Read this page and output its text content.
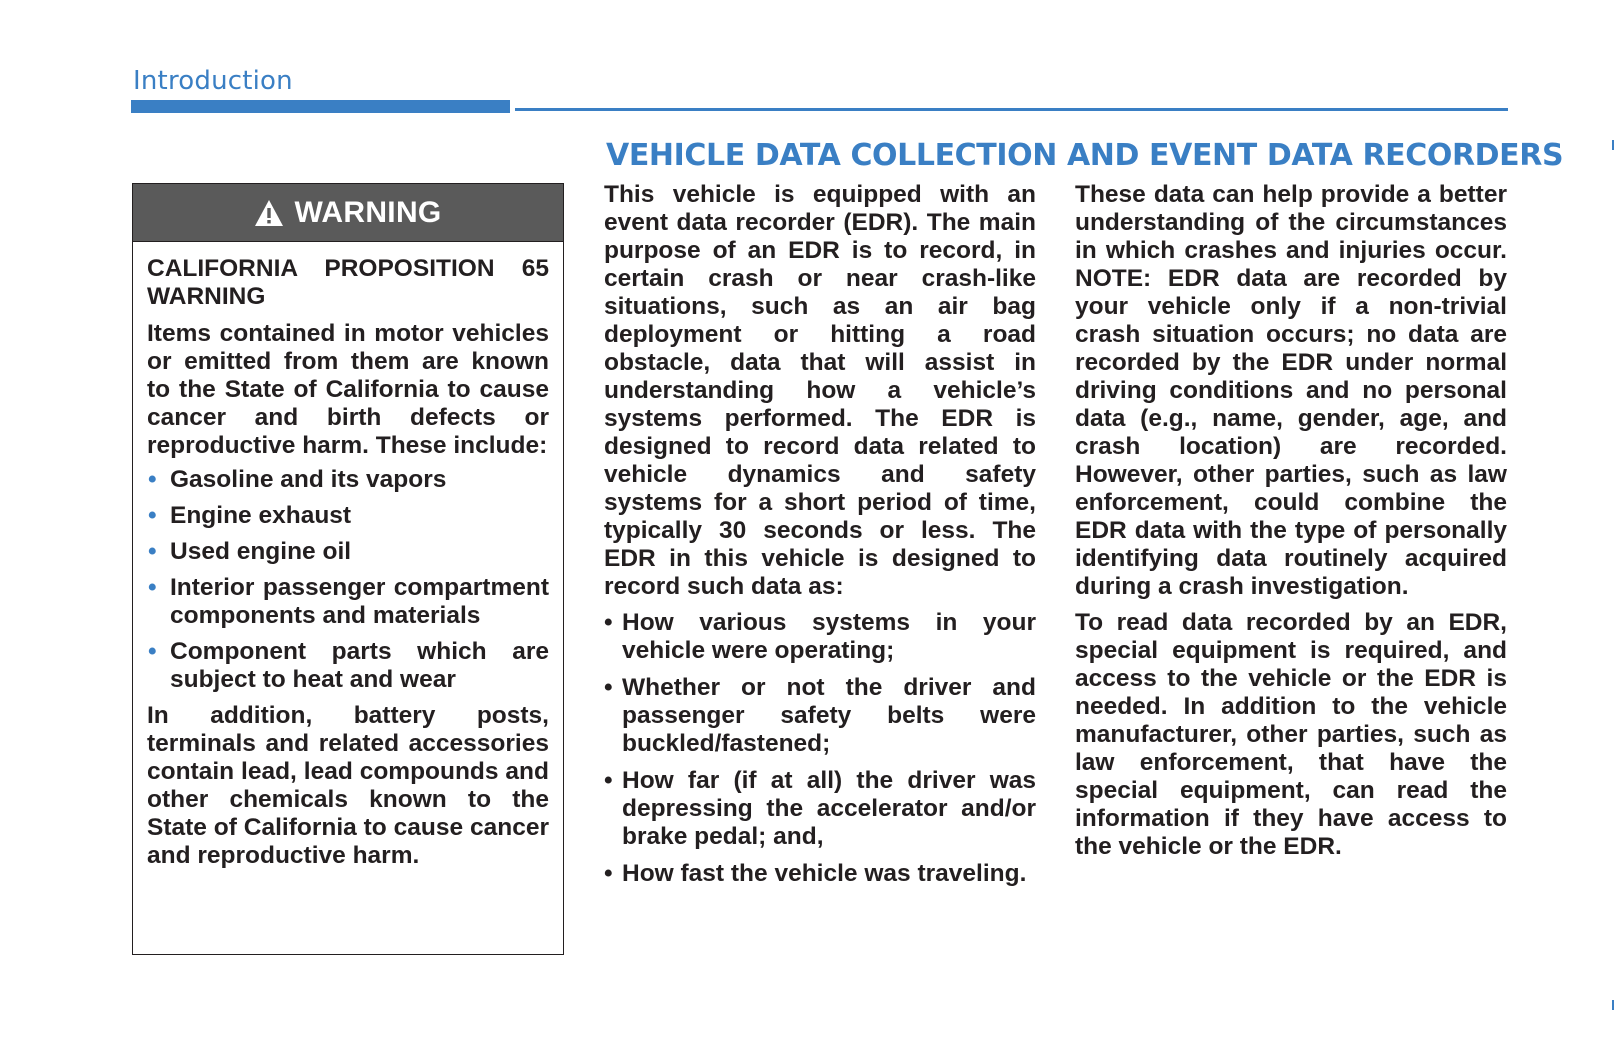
Introduction
VEHICLE DATA COLLECTION AND EVENT DATA RECORDERS
WARNING

CALIFORNIA PROPOSITION 65 WARNING

Items contained in motor vehicles or emitted from them are known to the State of California to cause cancer and birth defects or reproductive harm. These include:

• Gasoline and its vapors
• Engine exhaust
• Used engine oil
• Interior passenger compartment components and materials
• Component parts which are subject to heat and wear

In addition, battery posts, terminals and related accessories contain lead, lead compounds and other chemicals known to the State of California to cause cancer and reproductive harm.

This vehicle is equipped with an event data recorder (EDR). The main purpose of an EDR is to record, in certain crash or near crash-like situations, such as an air bag deployment or hitting a road obstacle, data that will assist in understanding how a vehicle’s systems performed. The EDR is designed to record data related to vehicle dynamics and safety systems for a short period of time, typically 30 seconds or less. The EDR in this vehicle is designed to record such data as:

• How various systems in your vehicle were operating;
• Whether or not the driver and passenger safety belts were buckled/fastened;
• How far (if at all) the driver was depressing the accelerator and/or brake pedal; and,
• How fast the vehicle was traveling.

These data can help provide a better understanding of the circumstances in which crashes and injuries occur. NOTE: EDR data are recorded by your vehicle only if a non-trivial crash situation occurs; no data are recorded by the EDR under normal driving conditions and no personal data (e.g., name, gender, age, and crash location) are recorded. However, other parties, such as law enforcement, could combine the EDR data with the type of personally identifying data routinely acquired during a crash investigation.

To read data recorded by an EDR, special equipment is required, and access to the vehicle or the EDR is needed. In addition to the vehicle manufacturer, other parties, such as law enforcement, that have the special equipment, can read the information if they have access to the vehicle or the EDR.
